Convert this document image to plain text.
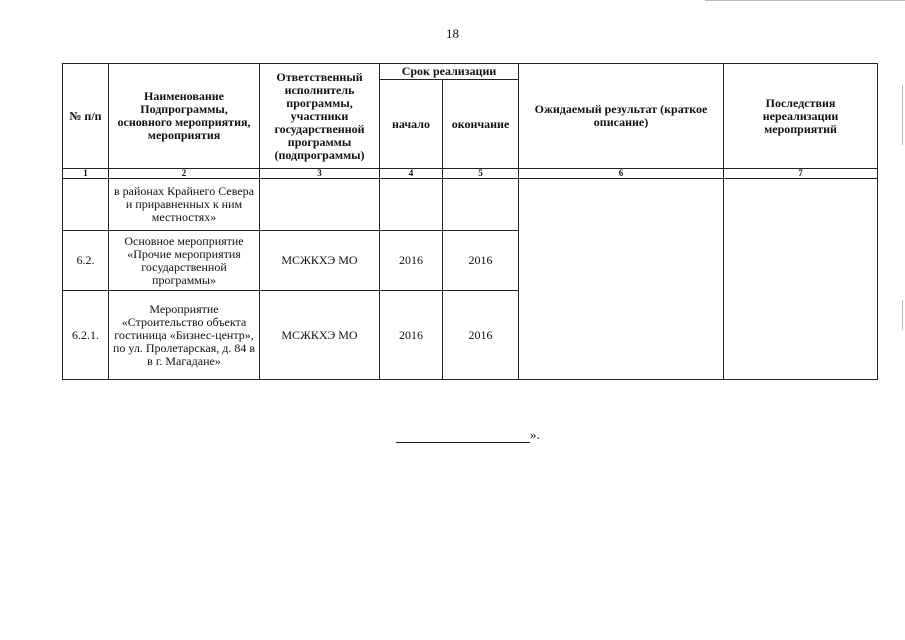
18
№ п/п	Наименование Подпрограммы, основного мероприятия, мероприятия	Ответственный исполнитель программы, участники государственной программы (подпрограммы)	Срок реализации		Ожидаемый результат (краткое описание)	Последствия нереализации мероприятий
			начало	окончание		
1	2	3	4	5	6	7
	в районах Крайнего Севера и приравненных к ним местностях»					
6.2.	Основное мероприятие «Прочие мероприятия государственной программы»	МСЖКХЭ МО	2016	2016		
6.2.1.	Мероприятие «Строительство объекта гостиница «Бизнес-центр», по ул. Пролетарская, д. 84 в в г. Магадане»	МСЖКХЭ МО	2016	2016		
».
